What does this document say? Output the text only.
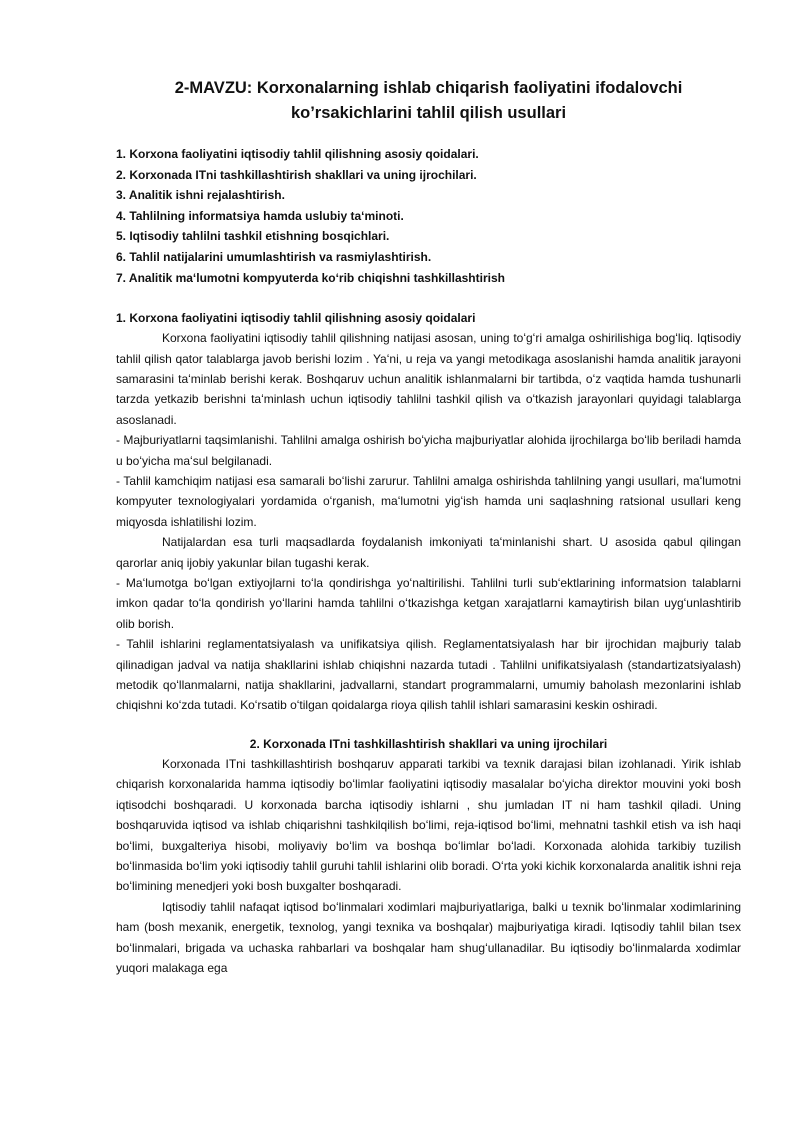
2-MAVZU: Korxonalarning ishlab chiqarish faoliyatini ifodalovchi ko’rsakichlarini tahlil qilish usullari
1. Korxona faoliyatini iqtisodiy tahlil qilishning asosiy qoidalari.
2. Korxonada ITni tashkillashtirish shakllari va uning ijrochilari.
3. Analitik ishni rejalashtirish.
4. Tahlilning informatsiya hamda uslubiy taʻminoti.
5. Iqtisodiy tahlilni tashkil etishning bosqichlari.
6. Tahlil natijalarini umumlashtirish va rasmiylashtirish.
7. Analitik maʻlumotni kompyuterda koʻrib chiqishni tashkillashtirish
1. Korxona faoliyatini iqtisodiy tahlil qilishning asosiy qoidalari

Korxona faoliyatini iqtisodiy tahlil qilishning natijasi asosan, uning toʻgʻri amalga oshirilishiga bogʻliq. Iqtisodiy tahlil qilish qator talablarga javob berishi lozim . Yaʻni, u reja va yangi metodikaga asoslanishi hamda analitik jarayoni samarasini taʻminlab berishi kerak. Boshqaruv uchun analitik ishlanmalarni bir tartibda, oʻz vaqtida hamda tushunarli tarzda yetkazib berishni taʻminlash uchun iqtisodiy tahlilni tashkil qilish va oʻtkazish jarayonlari quyidagi talablarga asoslanadi.

- Majburiyatlarni taqsimlanishi. Tahlilni amalga oshirish boʻyicha majburiyatlar alohida ijrochilarga boʻlib beriladi hamda u boʻyicha maʻsul belgilanadi.

- Tahlil kamchiqim natijasi esa samarali boʻlishi zarurur. Tahlilni amalga oshirishda tahlilning yangi usullari, maʻlumotni kompyuter texnologiyalari yordamida oʻrganish, maʻlumotni yigʻish hamda uni saqlashning ratsional usullari keng miqyosda ishlatilishi lozim.

Natijalardan esa turli maqsadlarda foydalanish imkoniyati taʻminlanishi shart. U asosida qabul qilingan qarorlar aniq ijobiy yakunlar bilan tugashi kerak.

- Maʻlumotga boʻlgan extiyojlarni toʻla qondirishga yoʻnaltirilishi. Tahlilni turli subʻektlarining informatsion talablarni imkon qadar toʻla qondirish yoʻllarini hamda tahlilni oʻtkazishga ketgan xarajatlarni kamaytirish bilan uygʻunlashtirib olib borish.

- Tahlil ishlarini reglamentatsiyalash va unifikatsiya qilish. Reglamentatsiyalash har bir ijrochidan majburiy talab qilinadigan jadval va natija shakllarini ishlab chiqishni nazarda tutadi . Tahlilni unifikatsiyalash (standartizatsiyalash) metodik qoʻllanmalarni, natija shakllarini, jadvallarni, standart programmalarni, umumiy baholash mezonlarini ishlab chiqishni koʻzda tutadi. Koʻrsatib oʻtilgan qoidalarga rioya qilish tahlil ishlari samarasini keskin oshiradi.

2. Korxonada ITni tashkillashtirish shakllari va uning ijrochilari

Korxonada ITni tashkillashtirish boshqaruv apparati tarkibi va texnik darajasi bilan izohlanadi. Yirik ishlab chiqarish korxonalarida hamma iqtisodiy boʻlimlar faoliyatini iqtisodiy masalalar boʻyicha direktor mouvini yoki bosh iqtisodchi boshqaradi. U korxonada barcha iqtisodiy ishlarni , shu jumladan IT ni ham tashkil qiladi. Uning boshqaruvida iqtisod va ishlab chiqarishni tashkilqilish boʻlimi, reja-iqtisod boʻlimi, mehnatni tashkil etish va ish haqi boʻlimi, buxgalteriya hisobi, moliyaviy boʻlim va boshqa boʻlimlar boʻladi. Korxonada alohida tarkibiy tuzilish boʻlinmasida boʻlim yoki iqtisodiy tahlil guruhi tahlil ishlarini olib boradi. Oʻrta yoki kichik korxonalarda analitik ishni reja boʻlimining menedjeri yoki bosh buxgalter boshqaradi.

Iqtisodiy tahlil nafaqat iqtisod boʻlinmalari xodimlari majburiyatlariga, balki u texnik boʻlinmalar xodimlarining ham (bosh mexanik, energetik, texnolog, yangi texnika va boshqalar) majburiyatiga kiradi. Iqtisodiy tahlil bilan tsex boʻlinmalari, brigada va uchaska rahbarlari va boshqalar ham shugʻullanadilar. Bu iqtisodiy boʻlinmalarda xodimlar yuqori malakaga ega
